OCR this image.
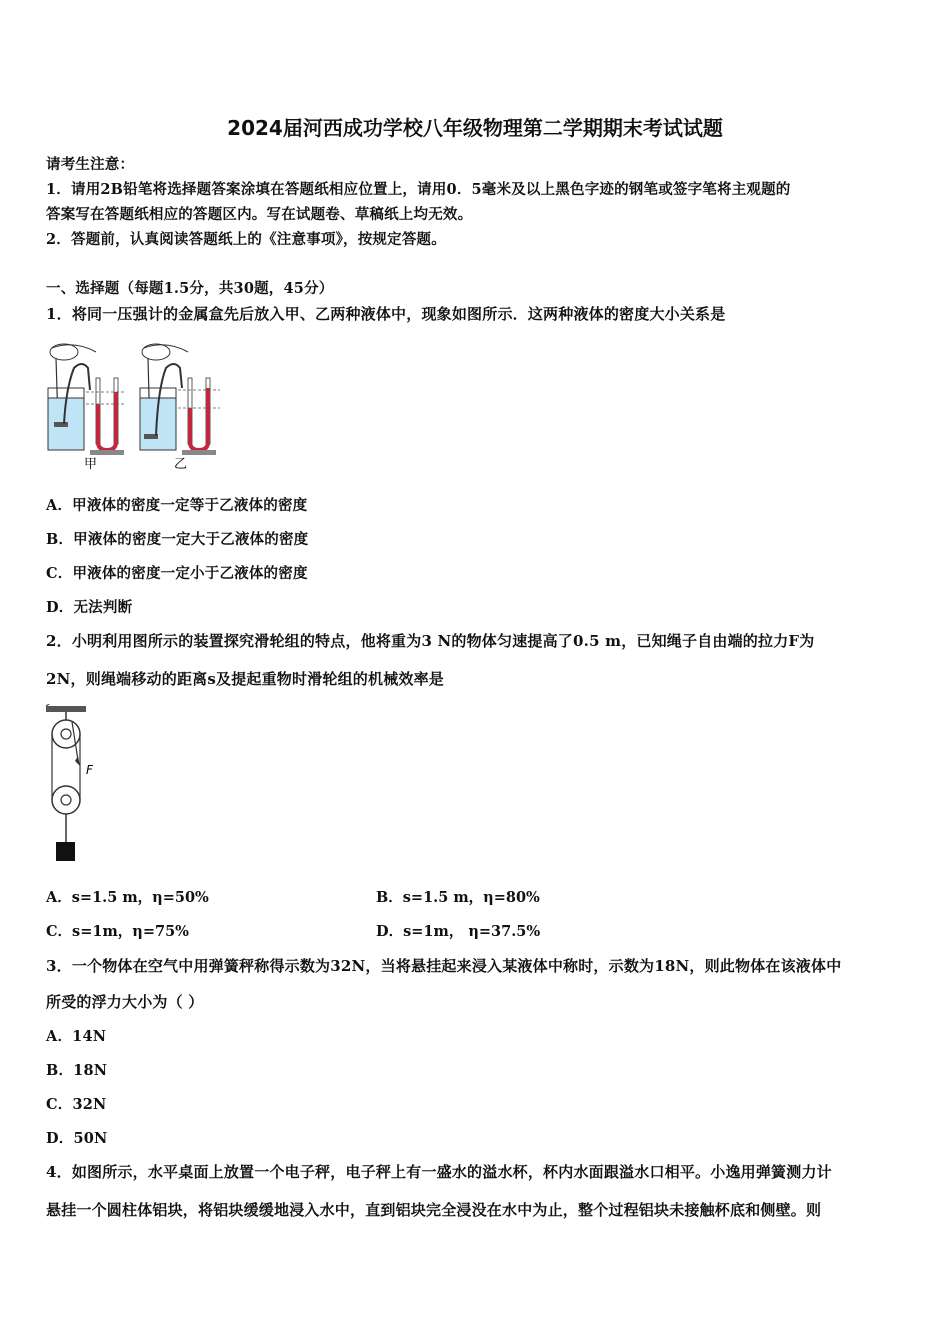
2024届河西成功学校八年级物理第二学期期末考试试题
请考生注意：
1．请用2B铅笔将选择题答案涂填在答题纸相应位置上，请用0．5毫米及以上黑色字迹的钢笔或签字笔将主观题的
答案写在答题纸相应的答题区内。写在试题卷、草稿纸上均无效。
2．答题前，认真阅读答题纸上的《注意事项》，按规定答题。
一、选择题（每题1.5分，共30题，45分）
1．将同一压强计的金属盒先后放入甲、乙两种液体中，现象如图所示．这两种液体的密度大小关系是
甲	乙
A．甲液体的密度一定等于乙液体的密度
B．甲液体的密度一定大于乙液体的密度
C．甲液体的密度一定小于乙液体的密度
D．无法判断
2．小明利用图所示的装置探究滑轮组的特点，他将重为3 N的物体匀速提高了0.5 m，已知绳子自由端的拉力F为
2N，则绳端移动的距离s及提起重物时滑轮组的机械效率是
F
A．s=1.5 m，η=50%	B．s=1.5 m，η=80%
C．s=1m，η=75%	D．s=1m， η=37.5%
3．一个物体在空气中用弹簧秤称得示数为32N，当将悬挂起来浸入某液体中称时，示数为18N，则此物体在该液体中
所受的浮力大小为（ ）
A．14N
B．18N
C．32N
D．50N
4．如图所示，水平桌面上放置一个电子秤，电子秤上有一盛水的溢水杯，杯内水面跟溢水口相平。小逸用弹簧测力计
悬挂一个圆柱体铝块，将铝块缓缓地浸入水中，直到铝块完全浸没在水中为止，整个过程铝块未接触杯底和侧壁。则
